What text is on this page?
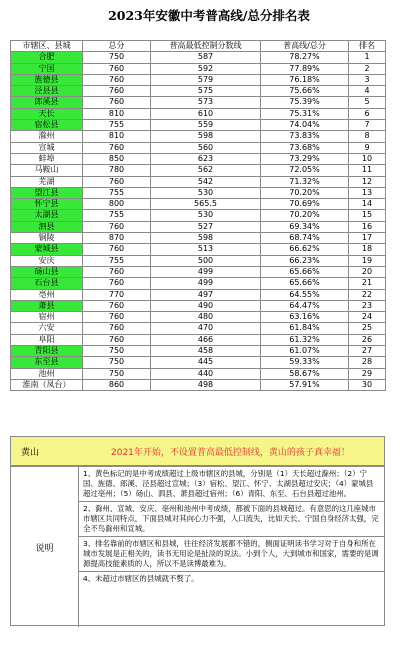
2023年安徽中考普高线/总分排名表
市辖区、县城	总分	普高最低控制分数线	普高线/总分	排名
合肥	750	587	78.27%	1
宁国	760	592	77.89%	2
旌德县	760	579	76.18%	3
泾县县	760	575	75.66%	4
郎溪县	760	573	75.39%	5
天长	810	610	75.31%	6
宿松县	755	559	74.04%	7
滁州	810	598	73.83%	8
宣城	760	560	73.68%	9
蚌埠	850	623	73.29%	10
马鞍山	780	562	72.05%	11
芜湖	760	542	71.32%	12
望江县	755	530	70.20%	13
怀宁县	800	565.5	70.69%	14
太湖县	755	530	70.20%	15
泗县	760	527	69.34%	16
铜陵	870	598	68.74%	17
蒙城县	760	513	66.62%	18
安庆	755	500	66.23%	19
砀山县	760	499	65.66%	20
石台县	760	499	65.66%	21
亳州	770	497	64.55%	22
萧县	760	490	64.47%	23
宿州	760	480	63.16%	24
六安	760	470	61.84%	25
阜阳	760	466	61.32%	26
青阳县	750	458	61.07%	27
东至县	750	445	59.33%	28
池州	750	440	58.67%	29
淮南（凤台）	860	498	57.91%	30
黄山	2021年开始，不设置普高最低控制线，黄山的孩子真幸福！
说明
1、黄色标记的是中考成绩超过上级市辖区的县城，分别是（1）天长超过滁州；（2）宁国、旌德、郎溪、泾县超过宣城；（3）宿松、望江、怀宁、太湖县超过安庆；（4）蒙城县超过亳州；（5）砀山、泗县、萧县超过宿州；（6）青阳、东至、石台县超过池州。
2、滁州、宣城、安庆、亳州和池州中考成绩，都被下面的县城超过。有意思的这几座城市市辖区共同特点，下面县城对其向心力不强，人口流失，比如天长、宁国自身经济太强，完全不鸟滁州和宣城。
3、排名靠前的市辖区和县城，往往经济发展都不错的，侧面证明读书学习对于自身和所在城市发展是正相关的，读书无用论是扯淡的说法。小到个人，大到城市和国家，需要的是调源提高技能素质的人，所以不是读博最难为。
4、未超过市辖区的县城就不赘了。
